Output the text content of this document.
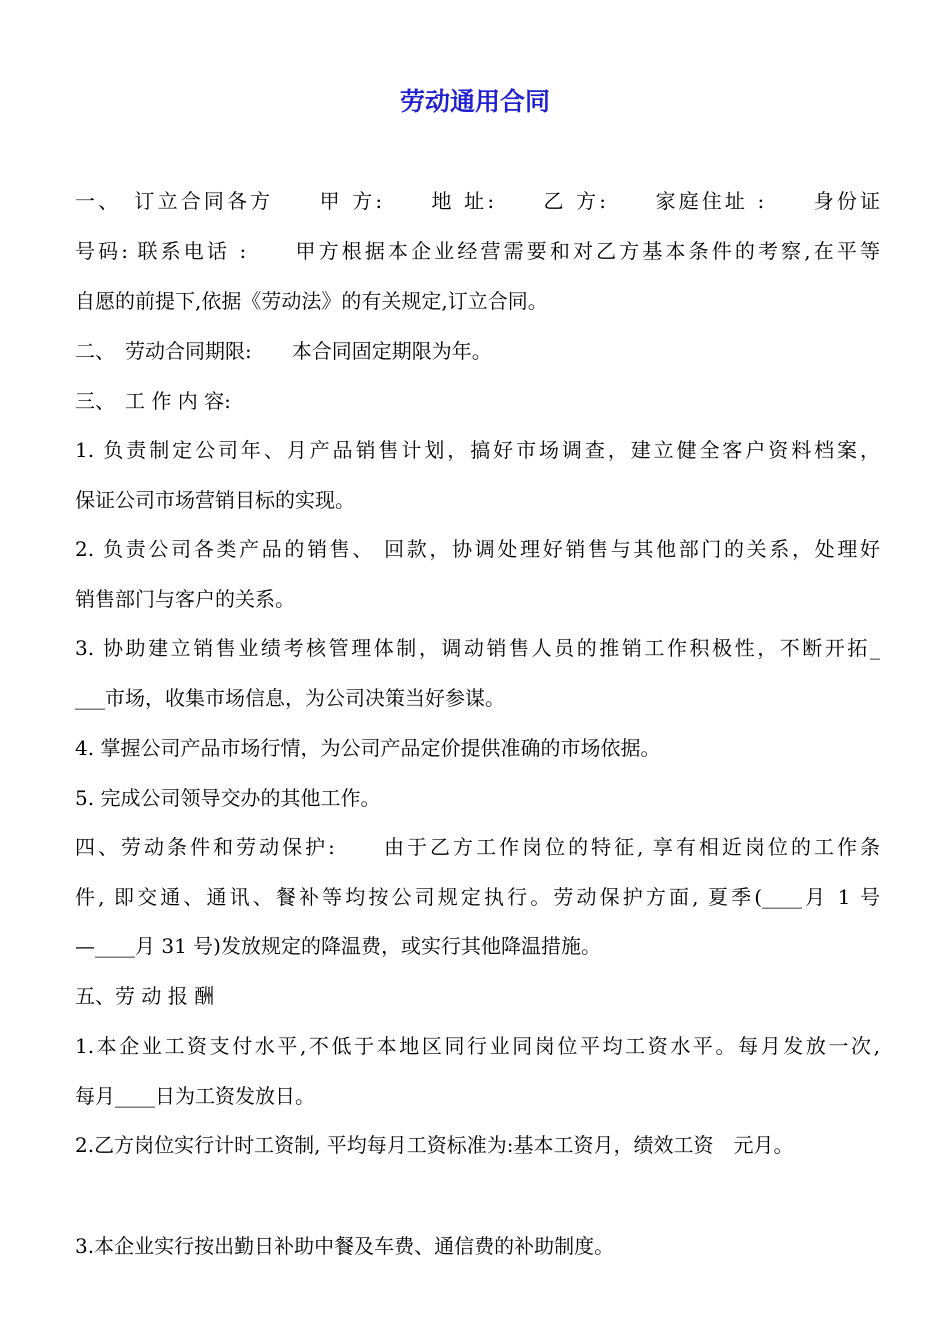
劳动通用合同

一、　订立合同各方　　甲 方:　　地 址:　　乙 方:　　家庭住址 :　　身份证

号码: 联系电话 :　　甲方根据本企业经营需要和对乙方基本条件的考察,在平等

自愿的前提下,依据《劳动法》的有关规定,订立合同。

二、　劳动合同期限:　　本合同固定期限为年。

三、　工 作 内 容:

1. 负责制定公司年、月产品销售计划，搞好市场调查，建立健全客户资料档案，

保证公司市场营销目标的实现。

2. 负责公司各类产品的销售、 回款，协调处理好销售与其他部门的关系，处理好

销售部门与客户的关系。

3. 协助建立销售业绩考核管理体制，调动销售人员的推销工作积极性，不断开拓_

___市场，收集市场信息，为公司决策当好参谋。

4. 掌握公司产品市场行情，为公司产品定价提供准确的市场依据。

5. 完成公司领导交办的其他工作。

四、劳动条件和劳动保护:　　由于乙方工作岗位的特征, 享有相近岗位的工作条

件, 即交通、通讯、餐补等均按公司规定执行。劳动保护方面, 夏季(____月 1 号

—____月 31 号)发放规定的降温费，或实行其他降温措施。

五、劳 动 报 酬

1.本企业工资支付水平,不低于本地区同行业同岗位平均工资水平。每月发放一次,

每月____日为工资发放日。

2.乙方岗位实行计时工资制, 平均每月工资标准为:基本工资月，绩效工资　元月。

3.本企业实行按出勤日补助中餐及车费、通信费的补助制度。
